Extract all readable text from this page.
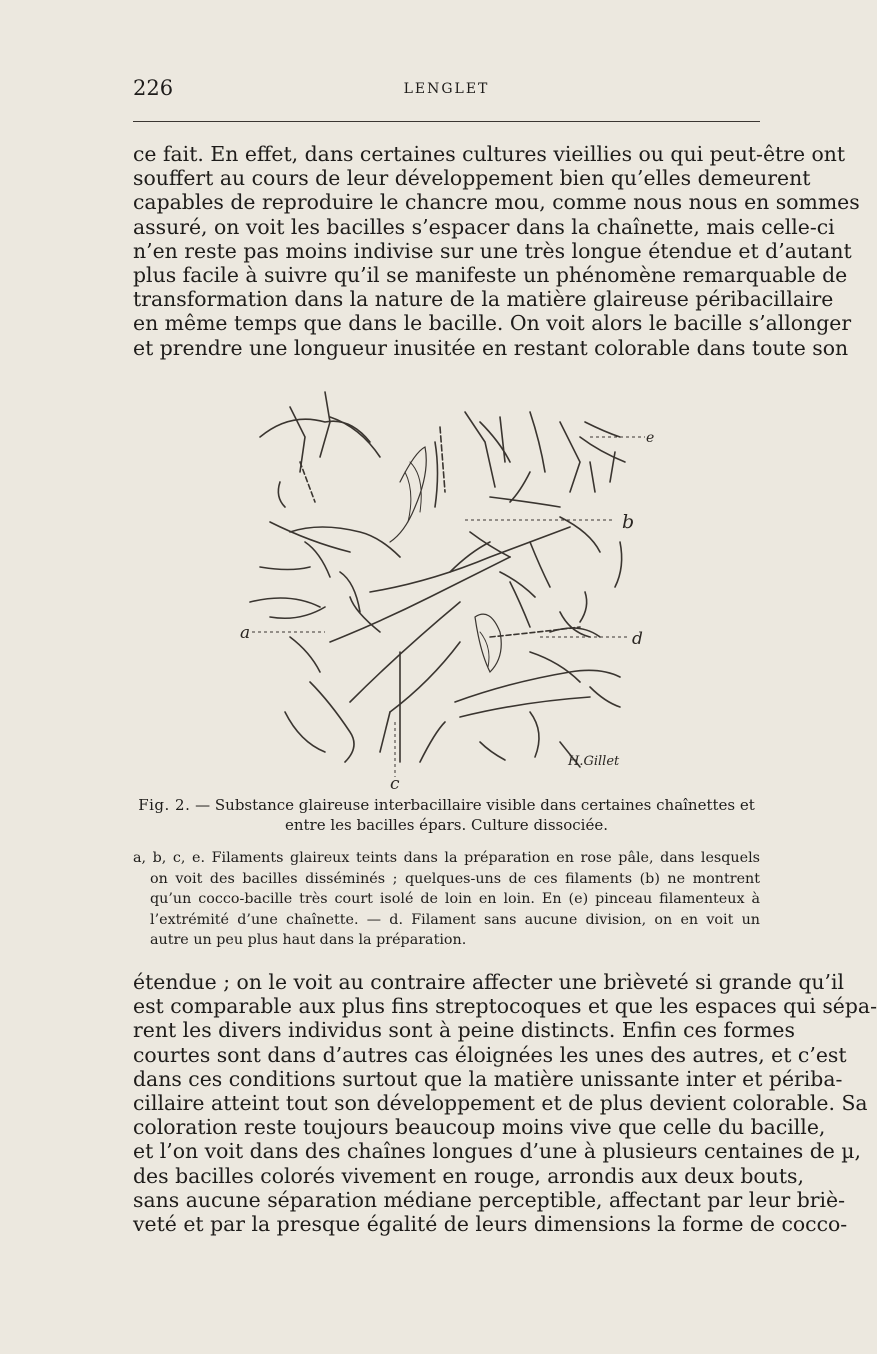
226	LENGLET
ce fait. En effet, dans certaines cultures vieillies ou qui peut-être ont
souffert au cours de leur développement bien qu’elles demeurent
capables de reproduire le chancre mou, comme nous nous en sommes
assuré, on voit les bacilles s’espacer dans la chaînette, mais celle-ci
n’en reste pas moins indivise sur une très longue étendue et d’autant
plus facile à suivre qu’il se manifeste un phénomène remarquable de
transformation dans la nature de la matière glaireuse péribacillaire
en même temps que dans le bacille. On voit alors le bacille s’allonger
et prendre une longueur inusitée en restant colorable dans toute son
a
b
c
d
e
H.Gillet
Fig. 2. — Substance glaireuse interbacillaire visible dans certaines chaînettes et
entre les bacilles épars. Culture dissociée.
a, b, c, e. Filaments glaireux teints dans la préparation en rose pâle, dans lesquels
on voit des bacilles disséminés ; quelques-uns de ces filaments (b) ne montrent
qu’un cocco-bacille très court isolé de loin en loin. En (e) pinceau filamenteux à
l’extrémité d’une chaînette. — d. Filament sans aucune division, on en voit un
autre un peu plus haut dans la préparation.
étendue ; on le voit au contraire affecter une brièveté si grande qu’il
est comparable aux plus fins streptocoques et que les espaces qui sépa-
rent les divers individus sont à peine distincts. Enfin ces formes
courtes sont dans d’autres cas éloignées les unes des autres, et c’est
dans ces conditions surtout que la matière unissante inter et périba-
cillaire atteint tout son développement et de plus devient colorable. Sa
coloration reste toujours beaucoup moins vive que celle du bacille,
et l’on voit dans des chaînes longues d’une à plusieurs centaines de µ,
des bacilles colorés vivement en rouge, arrondis aux deux bouts,
sans aucune séparation médiane perceptible, affectant par leur briè-
veté et par la presque égalité de leurs dimensions la forme de cocco-
